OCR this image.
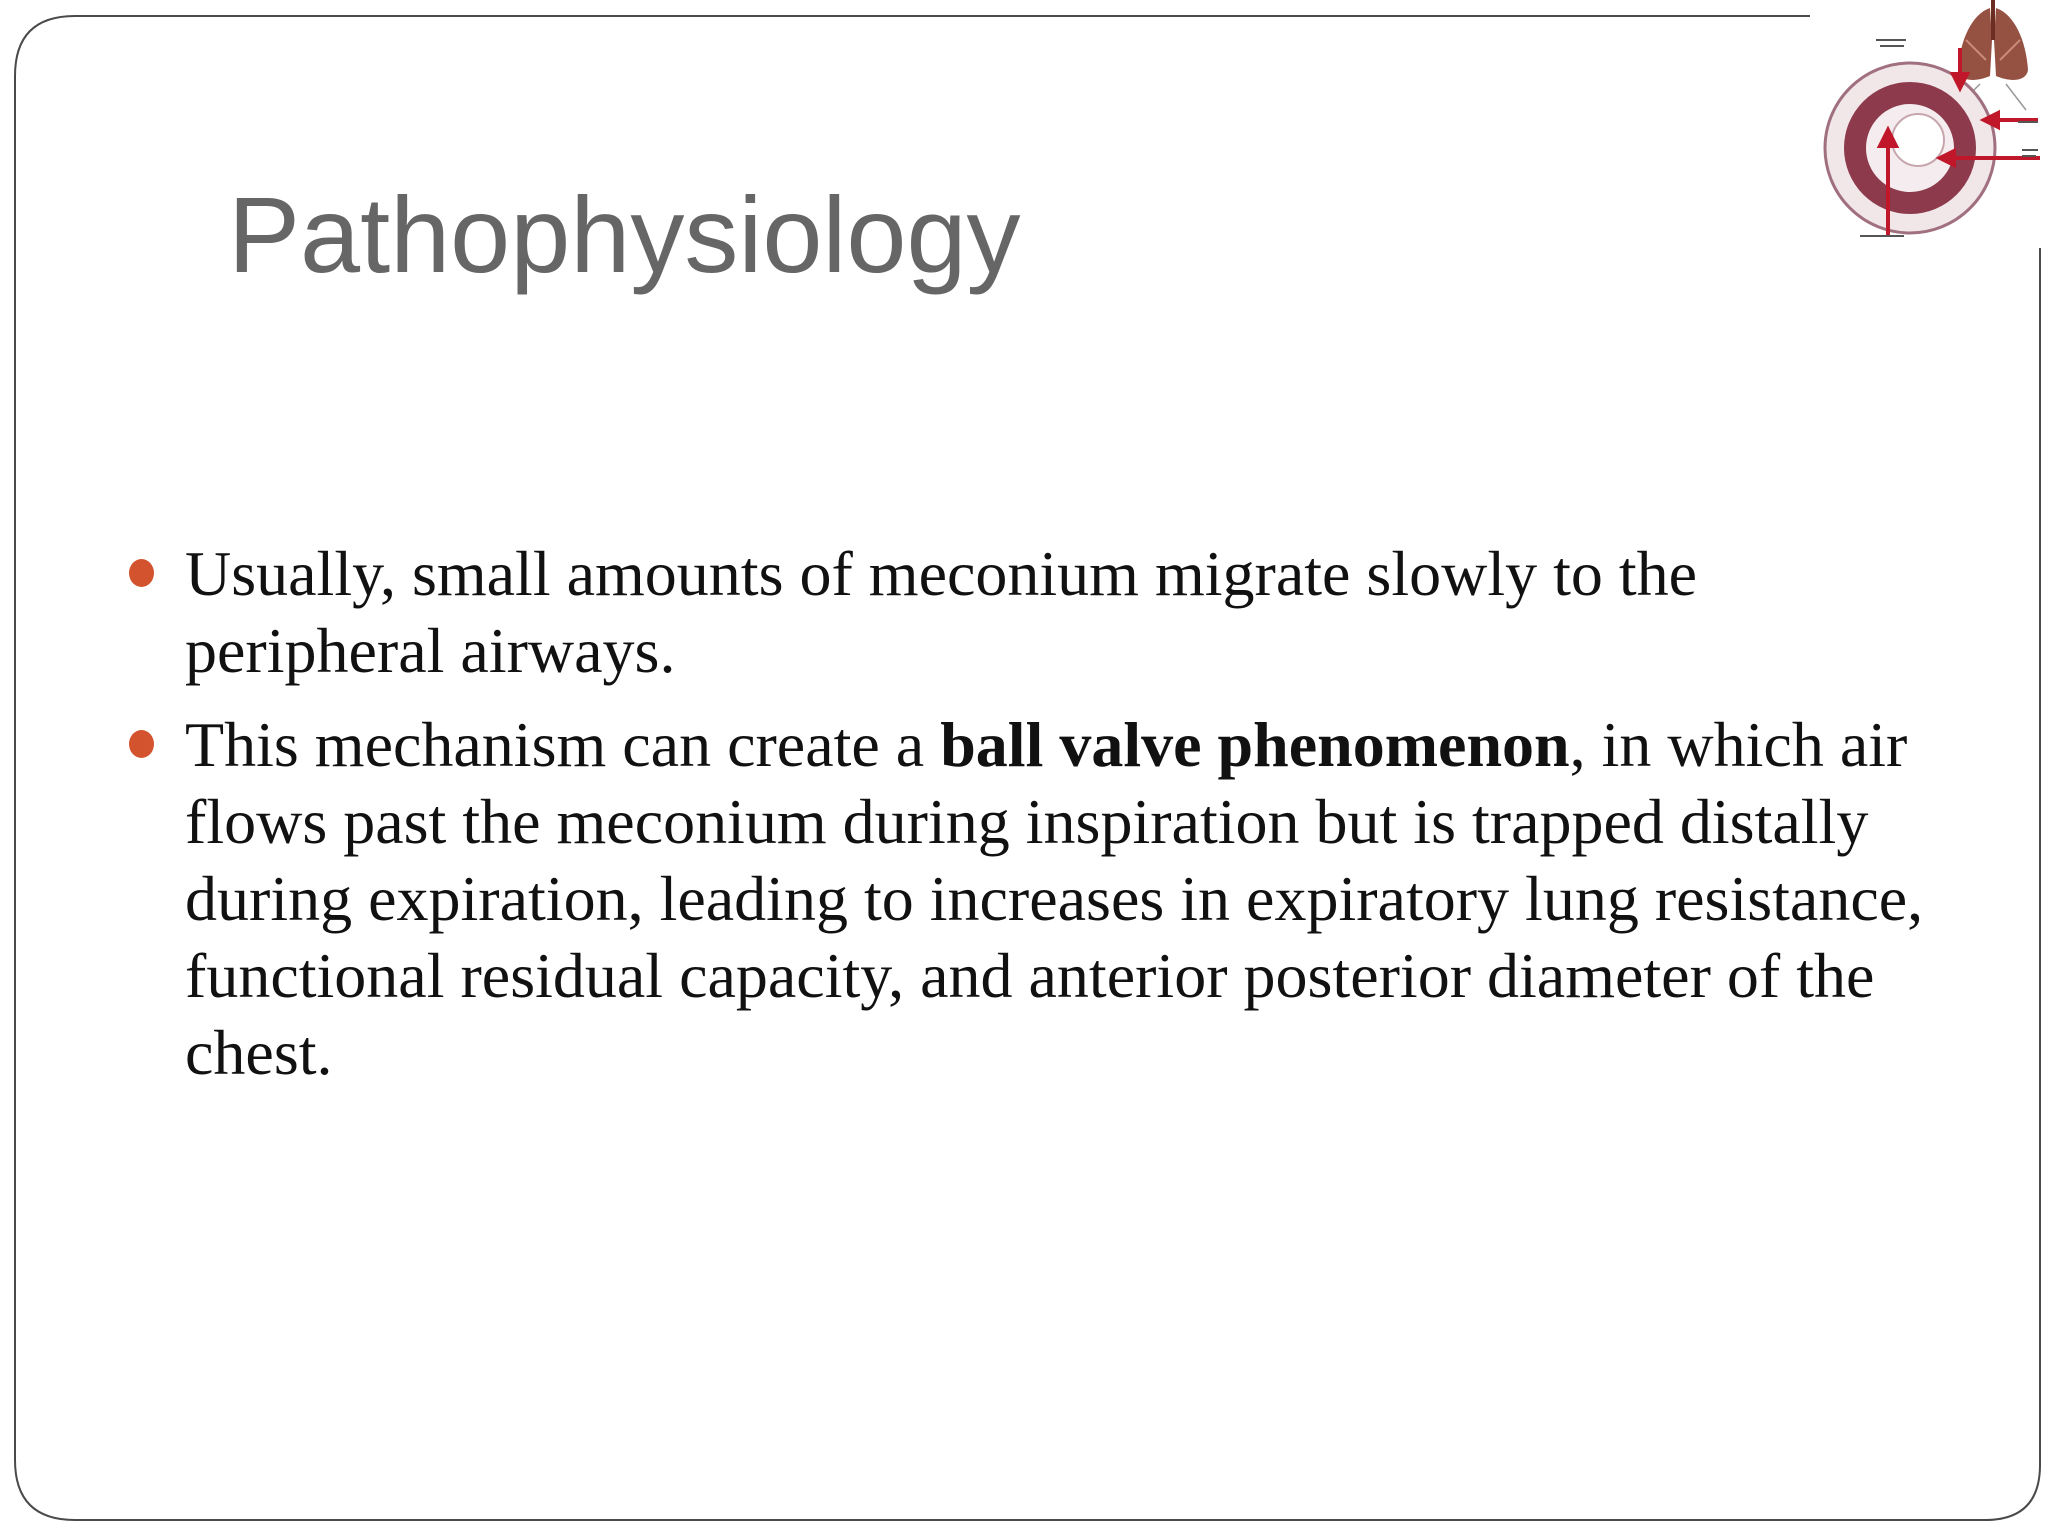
Pathophysiology
Usually, small amounts of meconium migrate slowly to the peripheral airways.
This mechanism can create a ball valve phenomenon, in which air flows past the meconium during inspiration but is trapped distally during expiration, leading to increases in expiratory lung resistance, functional residual capacity, and anterior posterior diameter of the chest.
